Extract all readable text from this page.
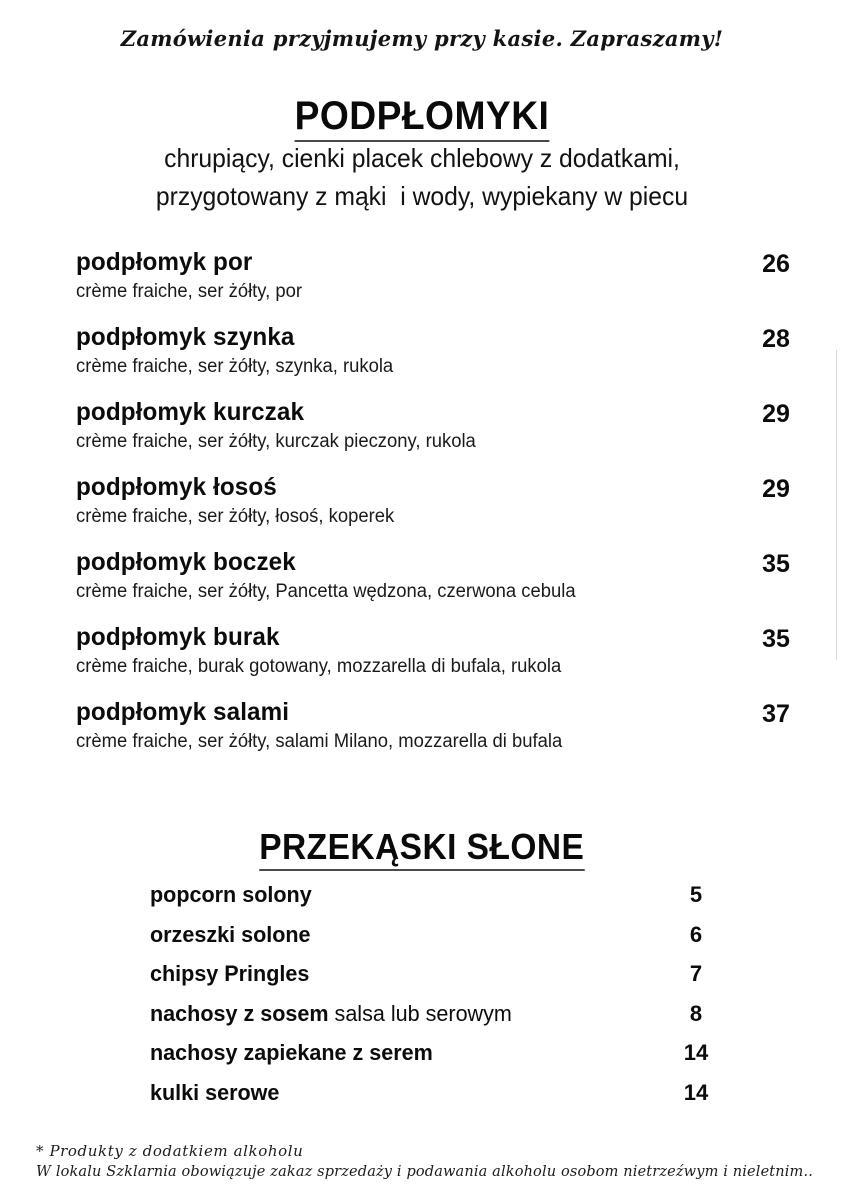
Zamówienia przyjmujemy przy kasie. Zapraszamy!
PODPŁOMYKI
chrupiący, cienki placek chlebowy z dodatkami,
przygotowany z mąki  i wody, wypiekany w piecu
podpłomyk por
crème fraiche, ser żółty, por
26
podpłomyk szynka
crème fraiche, ser żółty, szynka, rukola
28
podpłomyk kurczak
crème fraiche, ser żółty, kurczak pieczony, rukola
29
podpłomyk łosoś
crème fraiche, ser żółty, łosoś, koperek
29
podpłomyk boczek
crème fraiche, ser żółty, Pancetta wędzona, czerwona cebula
35
podpłomyk burak
crème fraiche, burak gotowany, mozzarella di bufala, rukola
35
podpłomyk salami
crème fraiche, ser żółty, salami Milano, mozzarella di bufala
37
PRZEKĄSKI SŁONE
popcorn solony	5
orzeszki solone	6
chipsy Pringles	7
nachosy z sosem salsa lub serowym	8
nachosy zapiekane z serem	14
kulki serowe	14
* Produkty z dodatkiem alkoholu
W lokalu Szklarnia obowiązuje zakaz sprzedaży i podawania alkoholu osobom nietrzeźwym i nieletnim..
